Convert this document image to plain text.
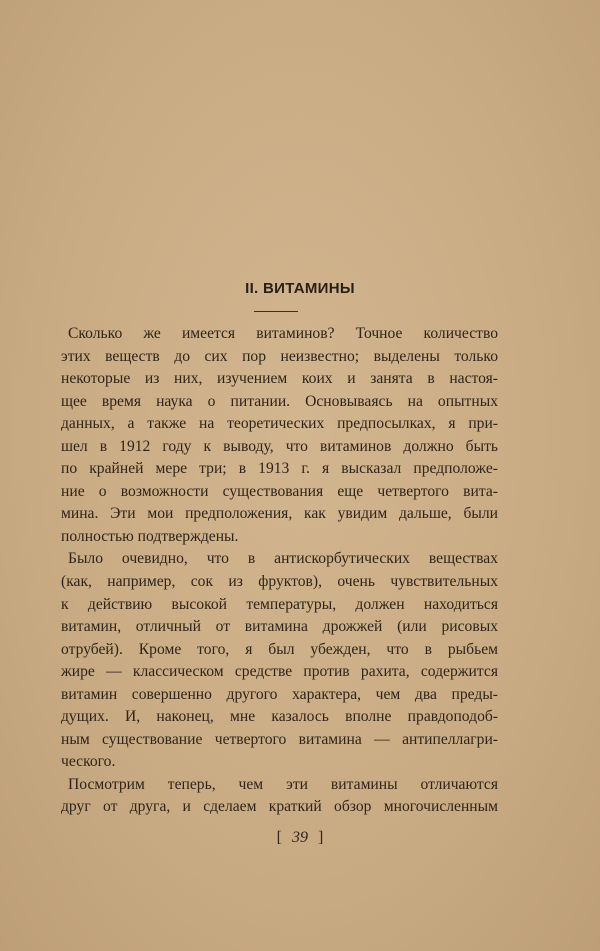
II. ВИТАМИНЫ
Сколько же имеется витаминов? Точное количество
этих веществ до сих пор неизвестно; выделены только
некоторые из них, изучением коих и занята в настоя-
щее время наука о питании. Основываясь на опытных
данных, а также на теоретических предпосылках, я при-
шел в 1912 году к выводу, что витаминов должно быть
по крайней мере три; в 1913 г. я высказал предположе-
ние о возможности существования еще четвертого вита-
мина. Эти мои предположения, как увидим дальше, были
полностью подтверждены.
Было очевидно, что в антискорбутических веществах
(как, например, сок из фруктов), очень чувствительных
к действию высокой температуры, должен находиться
витамин, отличный от витамина дрожжей (или рисовых
отрубей). Кроме того, я был убежден, что в рыбьем
жире — классическом средстве против рахита, содержится
витамин совершенно другого характера, чем два преды-
дущих. И, наконец, мне казалось вполне правдоподоб-
ным существование четвертого витамина — антипеллагри-
ческого.
Посмотрим теперь, чем эти витамины отличаются
друг от друга, и сделаем краткий обзор многочисленным
[ 39 ]
